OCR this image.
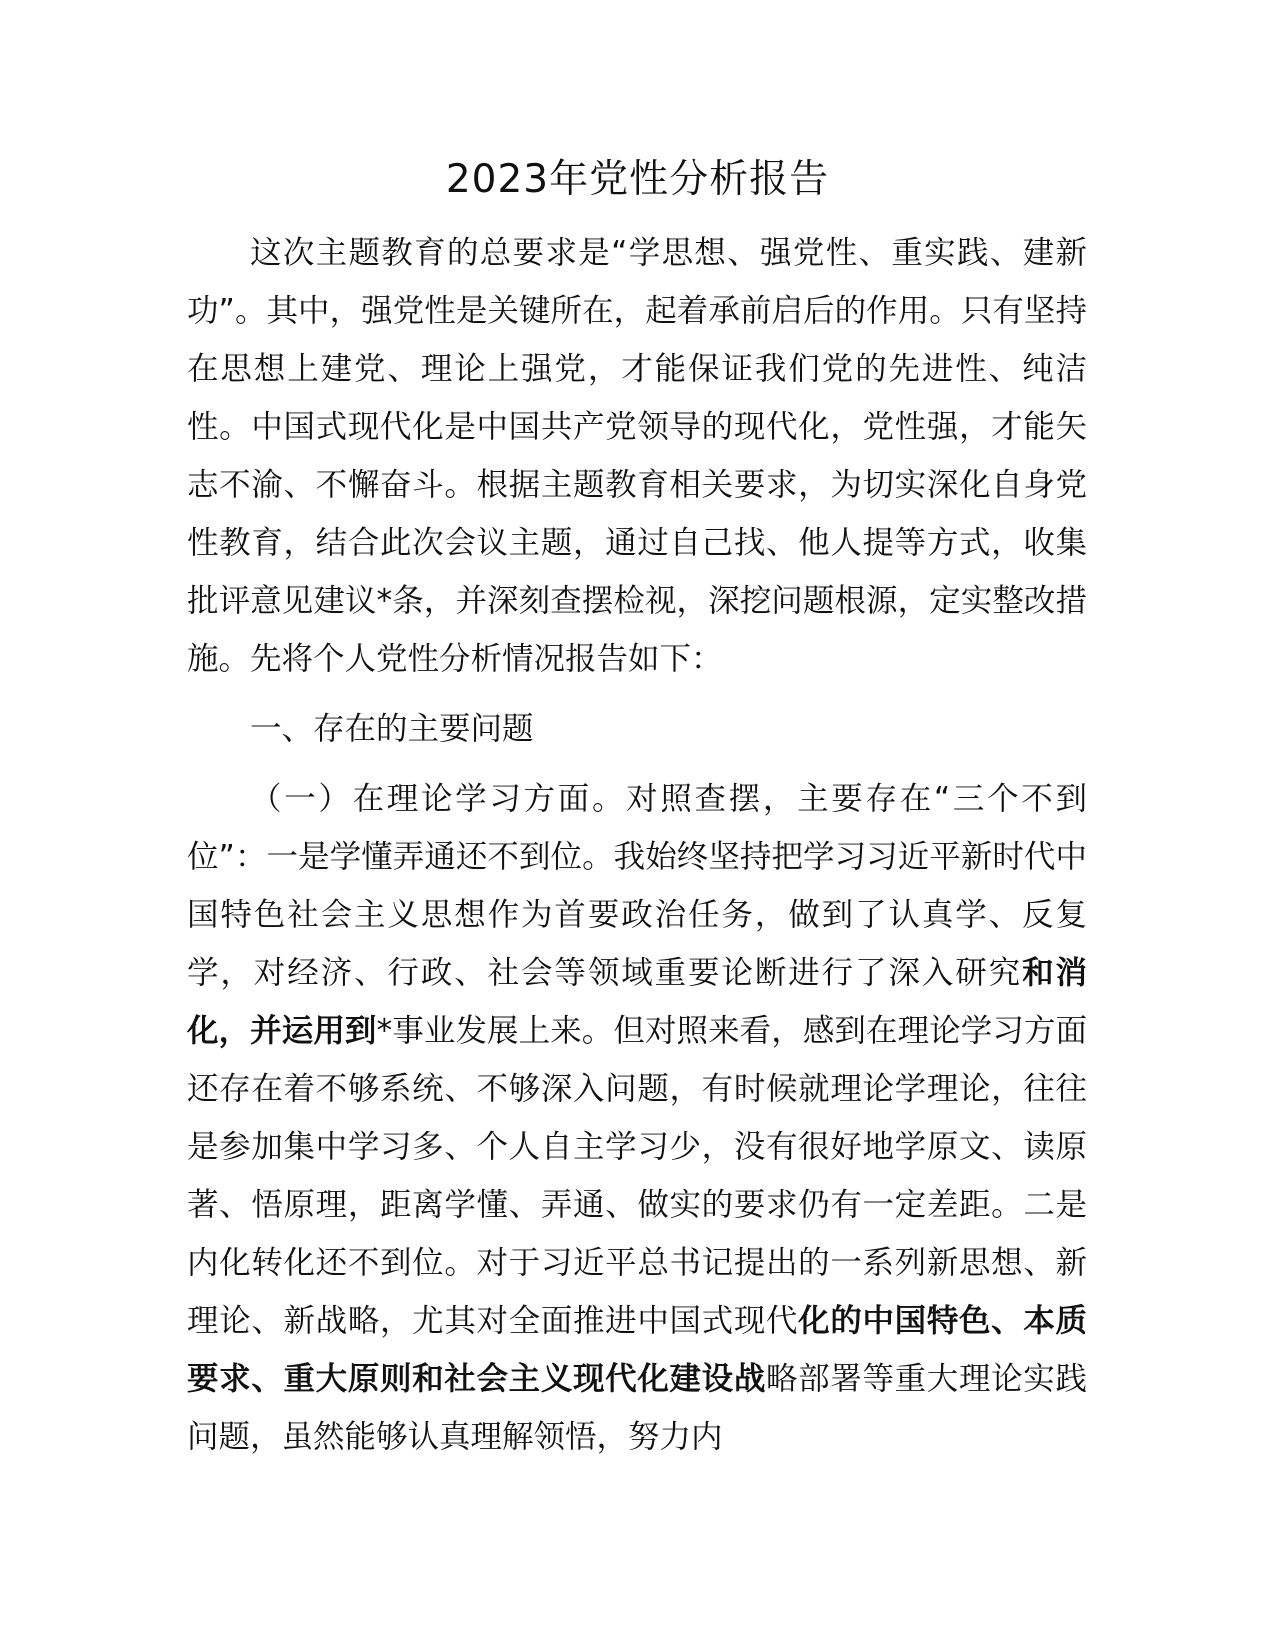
2023年党性分析报告

这次主题教育的总要求是“学思想、强党性、重实践、建新功”。其中，强党性是关键所在，起着承前启后的作用。只有坚持在思想上建党、理论上强党，才能保证我们党的先进性、纯洁性。中国式现代化是中国共产党领导的现代化，党性强，才能矢志不渝、不懈奋斗。根据主题教育相关要求，为切实深化自身党性教育，结合此次会议主题，通过自己找、他人提等方式，收集批评意见建议*条，并深刻查摆检视，深挖问题根源，定实整改措施。先将个人党性分析情况报告如下：

一、存在的主要问题

（一）在理论学习方面。对照查摆，主要存在“三个不到位”：一是学懂弄通还不到位。我始终坚持把学习习近平新时代中国特色社会主义思想作为首要政治任务，做到了认真学、反复学，对经济、行政、社会等领域重要论断进行了深入研究和消化，并运用到*事业发展上来。但对照来看，感到在理论学习方面还存在着不够系统、不够深入问题，有时候就理论学理论，往往是参加集中学习多、个人自主学习少，没有很好地学原文、读原著、悟原理，距离学懂、弄通、做实的要求仍有一定差距。二是内化转化还不到位。对于习近平总书记提出的一系列新思想、新理论、新战略，尤其对全面推进中国式现代化的中国特色、本质要求、重大原则和社会主义现代化建设战略部署等重大理论实践问题，虽然能够认真理解领悟，努力内
